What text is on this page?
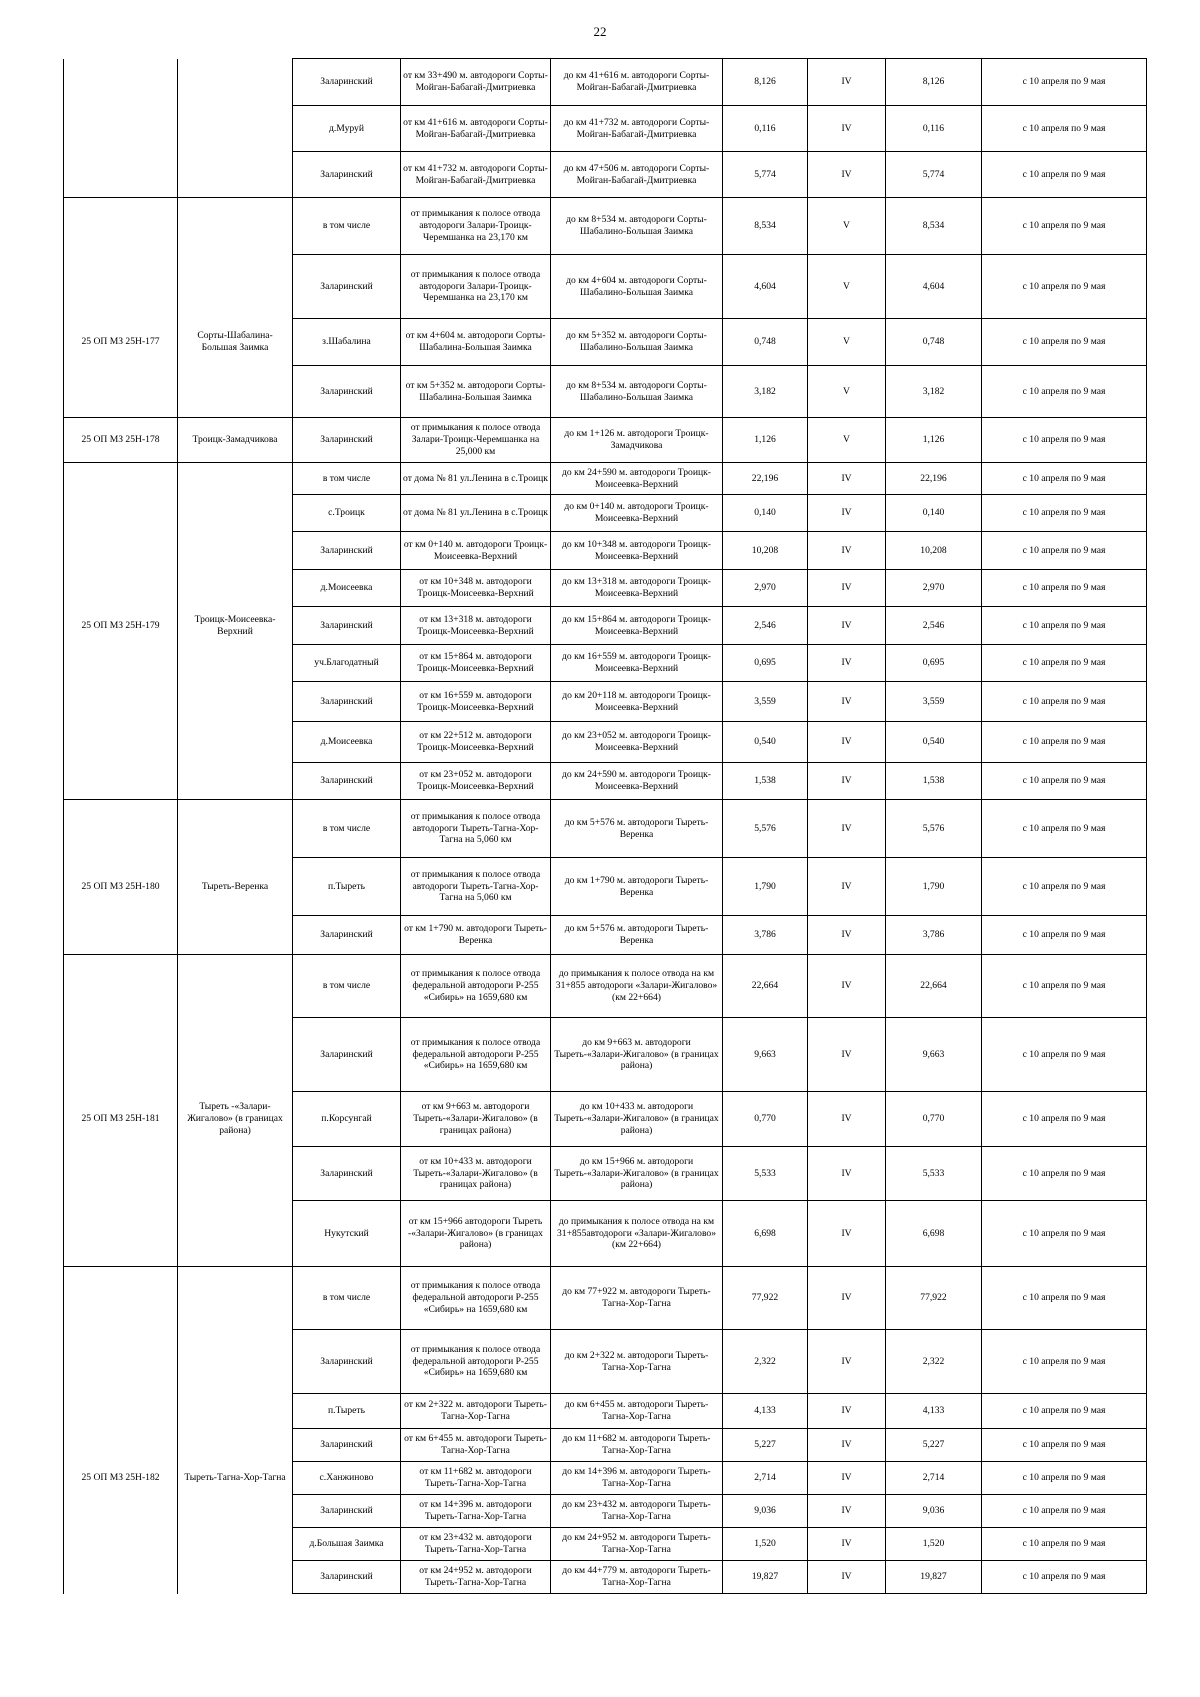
22
		Заларинский	от км 33+490 м. автодороги Сорты-Мойган-Бабагай-Дмитриевка	до км 41+616 м. автодороги Сорты-Мойган-Бабагай-Дмитриевка	8,126	IV	8,126	с 10 апреля по 9 мая
		д.Муруй	от км 41+616 м. автодороги Сорты-Мойган-Бабагай-Дмитриевка	до км 41+732 м. автодороги Сорты-Мойган-Бабагай-Дмитриевка	0,116	IV	0,116	с 10 апреля по 9 мая
		Заларинский	от км 41+732 м. автодороги Сорты-Мойган-Бабагай-Дмитриевка	до км 47+506 м. автодороги Сорты-Мойган-Бабагай-Дмитриевка	5,774	IV	5,774	с 10 апреля по 9 мая
		в том числе	от примыкания к полосе отвода автодороги Залари-Троицк-Черемшанка на 23,170 км	до км 8+534 м. автодороги Сорты-Шабалино-Большая Заимка	8,534	V	8,534	с 10 апреля по 9 мая
		Заларинский	от примыкания к полосе отвода автодороги Залари-Троицк-Черемшанка на 23,170 км	до км 4+604 м. автодороги Сорты-Шабалино-Большая Заимка	4,604	V	4,604	с 10 апреля по 9 мая
25 ОП МЗ 25Н-177	Сорты-Шабалина-Большая Заимка	з.Шабалина	от км 4+604 м. автодороги Сорты-Шабалина-Большая Заимка	до км 5+352 м. автодороги Сорты-Шабалино-Большая Заимка	0,748	V	0,748	с 10 апреля по 9 мая
		Заларинский	от км 5+352 м. автодороги Сорты-Шабалина-Большая Заимка	до км 8+534 м. автодороги Сорты-Шабалино-Большая Заимка	3,182	V	3,182	с 10 апреля по 9 мая
25 ОП МЗ 25Н-178	Троицк-Замадчикова	Заларинский	от примыкания к полосе отвода Залари-Троицк-Черемшанка на 25,000 км	до км 1+126 м. автодороги Троицк-Замадчикова	1,126	V	1,126	с 10 апреля по 9 мая
		в том числе	от дома № 81 ул.Ленина в с.Троицк	до км 24+590 м. автодороги Троицк-Моисеевка-Верхний	22,196	IV	22,196	с 10 апреля по 9 мая
		с.Троицк	от дома № 81 ул.Ленина в с.Троицк	до км 0+140 м. автодороги Троицк-Моисеевка-Верхний	0,140	IV	0,140	с 10 апреля по 9 мая
		Заларинский	от км 0+140 м. автодороги Троицк-Моисеевка-Верхний	до км 10+348 м. автодороги Троицк-Моисеевка-Верхний	10,208	IV	10,208	с 10 апреля по 9 мая
		д.Моисеевка	от км 10+348 м. автодороги Троицк-Моисеевка-Верхний	до км 13+318 м. автодороги Троицк-Моисеевка-Верхний	2,970	IV	2,970	с 10 апреля по 9 мая
25 ОП МЗ 25Н-179	Троицк-Моисеевка-Верхний	Заларинский	от км 13+318 м. автодороги Троицк-Моисеевка-Верхний	до км 15+864 м. автодороги Троицк-Моисеевка-Верхний	2,546	IV	2,546	с 10 апреля по 9 мая
		уч.Благодатный	от км 15+864 м. автодороги Троицк-Моисеевка-Верхний	до км 16+559 м. автодороги Троицк-Моисеевка-Верхний	0,695	IV	0,695	с 10 апреля по 9 мая
		Заларинский	от км 16+559 м. автодороги Троицк-Моисеевка-Верхний	до км 20+118 м. автодороги Троицк-Моисеевка-Верхний	3,559	IV	3,559	с 10 апреля по 9 мая
		д.Моисеевка	от км 22+512 м. автодороги Троицк-Моисеевка-Верхний	до км 23+052 м. автодороги Троицк-Моисеевка-Верхний	0,540	IV	0,540	с 10 апреля по 9 мая
		Заларинский	от км 23+052 м. автодороги Троицк-Моисеевка-Верхний	до км 24+590 м. автодороги Троицк-Моисеевка-Верхний	1,538	IV	1,538	с 10 апреля по 9 мая
		в том числе	от примыкания к полосе отвода автодороги Тырeть-Тагна-Хор-Тагна на 5,060 км	до км 5+576 м. автодороги Тырeть-Веренка	5,576	IV	5,576	с 10 апреля по 9 мая
25 ОП МЗ 25Н-180	Тырeть-Веренка	п.Тырeть	от примыкания к полосе отвода автодороги Тырeть-Тагна-Хор-Тагна на 5,060 км	до км 1+790 м. автодороги Тырeть-Веренка	1,790	IV	1,790	с 10 апреля по 9 мая
		Заларинский	от км 1+790 м. автодороги Тырeть-Веренка	до км 5+576 м. автодороги Тырeть-Веренка	3,786	IV	3,786	с 10 апреля по 9 мая
		в том числе	от примыкания к полосе отвода федеральной автодороги Р-255 «Сибирь» на 1659,680 км	до примыкания к полосе отвода на км 31+855 автодороги «Залари-Жигалово» (км 22+664)	22,664	IV	22,664	с 10 апреля по 9 мая
		Заларинский	от примыкания к полосе отвода федеральной автодороги Р-255 «Сибирь» на 1659,680 км	до км 9+663 м. автодороги Тырeть-«Залари-Жигалово» (в границах района)	9,663	IV	9,663	с 10 апреля по 9 мая
25 ОП МЗ 25Н-181	Тырeть -«Залари-Жигалово» (в границах района)	п.Корсунгай	от км 9+663 м. автодороги Тырeть-«Залари-Жигалово» (в границах района)	до км 10+433 м. автодороги Тырeть-«Залари-Жигалово» (в границах района)	0,770	IV	0,770	с 10 апреля по 9 мая
		Заларинский	от км 10+433 м. автодороги Тырeть-«Залари-Жигалово» (в границах района)	до км 15+966 м. автодороги Тырeть-«Залари-Жигалово» (в границах района)	5,533	IV	5,533	с 10 апреля по 9 мая
		Нукутский	от км 15+966 автодороги Тырeть -«Залари-Жигалово» (в границах района)	до примыкания к полосе отвода на км 31+855автодороги «Залари-Жигалово» (км 22+664)	6,698	IV	6,698	с 10 апреля по 9 мая
		в том числе	от примыкания к полосе отвода федеральной автодороги Р-255 «Сибирь» на 1659,680 км	до км 77+922 м. автодороги Тырeть-Тагна-Хор-Тагна	77,922	IV	77,922	с 10 апреля по 9 мая
		Заларинский	от примыкания к полосе отвода федеральной автодороги Р-255 «Сибирь» на 1659,680 км	до км 2+322 м. автодороги Тырeть-Тагна-Хор-Тагна	2,322	IV	2,322	с 10 апреля по 9 мая
		п.Тырeть	от км 2+322 м. автодороги Тырeть-Тагна-Хор-Тагна	до км 6+455 м. автодороги Тырeть-Тагна-Хор-Тагна	4,133	IV	4,133	с 10 апреля по 9 мая
		Заларинский	от км 6+455 м. автодороги Тырeть-Тагна-Хор-Тагна	до км 11+682 м. автодороги Тырeть-Тагна-Хор-Тагна	5,227	IV	5,227	с 10 апреля по 9 мая
25 ОП МЗ 25Н-182	Тырeть-Тагна-Хор-Тагна	с.Ханжиново	от км 11+682 м. автодороги Тырeть-Тагна-Хор-Тагна	до км 14+396 м. автодороги Тырeть-Тагна-Хор-Тагна	2,714	IV	2,714	с 10 апреля по 9 мая
		Заларинский	от км 14+396 м. автодороги Тырeть-Тагна-Хор-Тагна	до км 23+432 м. автодороги Тырeть-Тагна-Хор-Тагна	9,036	IV	9,036	с 10 апреля по 9 мая
		д.Большая Заимка	от км 23+432 м. автодороги Тырeть-Тагна-Хор-Тагна	до км 24+952 м. автодороги Тырeть-Тагна-Хор-Тагна	1,520	IV	1,520	с 10 апреля по 9 мая
		Заларинский	от км 24+952 м. автодороги Тырeть-Тагна-Хор-Тагна	до км 44+779 м. автодороги Тырeть-Тагна-Хор-Тагна	19,827	IV	19,827	с 10 апреля по 9 мая
